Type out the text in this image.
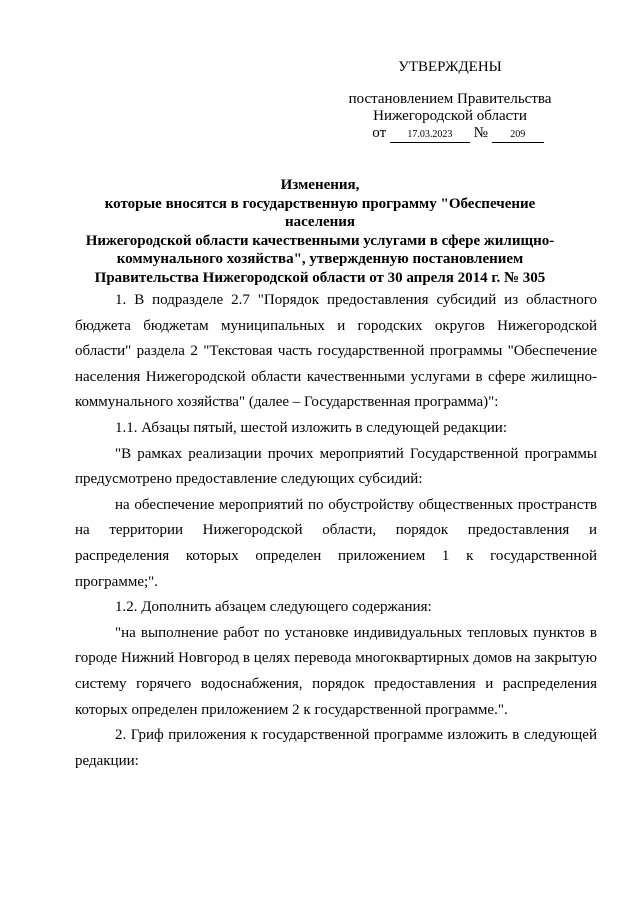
УТВЕРЖДЕНЫ
постановлением Правительства
Нижегородской области
от 17.03.2023 № 209
Изменения,
которые вносятся в государственную программу "Обеспечение населения
Нижегородской области качественными услугами в сфере жилищно-
коммунального хозяйства", утвержденную постановлением
Правительства Нижегородской области от 30 апреля 2014 г. № 305

1. В подразделе 2.7 "Порядок предоставления субсидий из областного бюджета бюджетам муниципальных и городских округов Нижегородской области" раздела 2 "Текстовая часть государственной программы "Обеспечение населения Нижегородской области качественными услугами в сфере жилищно-коммунального хозяйства" (далее – Государственная программа)":

1.1. Абзацы пятый, шестой изложить в следующей редакции:

"В рамках реализации прочих мероприятий Государственной программы предусмотрено предоставление следующих субсидий:

на обеспечение мероприятий по обустройству общественных пространств на территории Нижегородской области, порядок предоставления и распределения которых определен приложением 1 к государственной программе;".

1.2. Дополнить абзацем следующего содержания:

"на выполнение работ по установке индивидуальных тепловых пунктов в городе Нижний Новгород в целях перевода многоквартирных домов на закрытую систему горячего водоснабжения, порядок предоставления и распределения которых определен приложением 2 к государственной программе.".

2. Гриф приложения к государственной программе изложить в следующей редакции:
